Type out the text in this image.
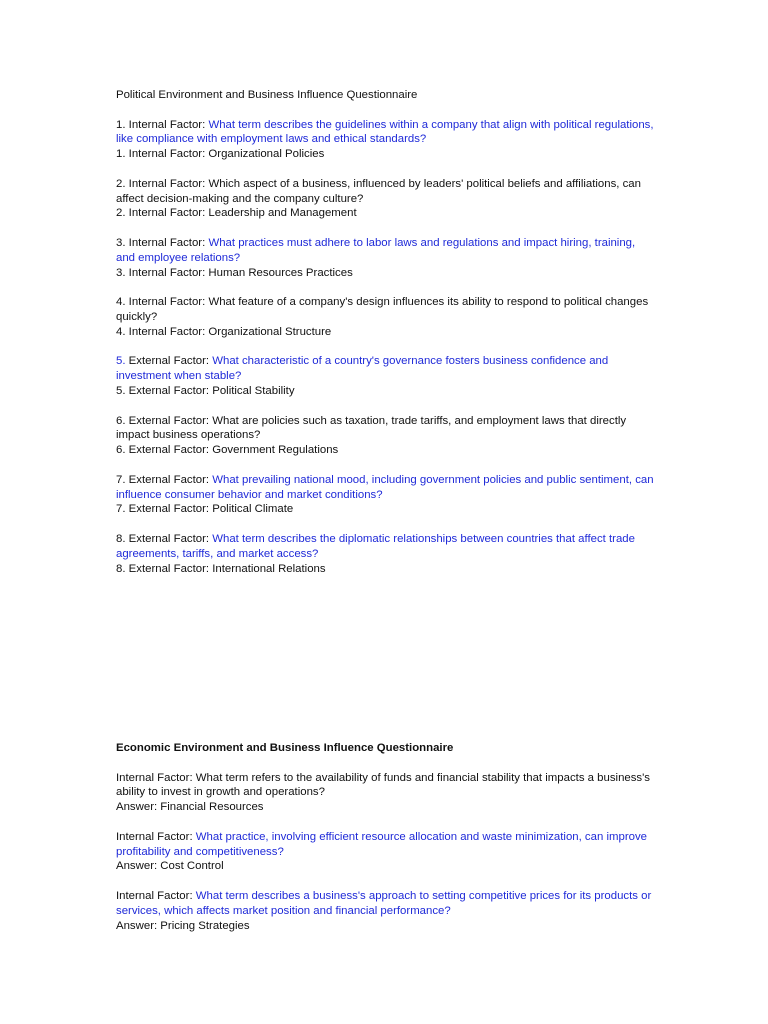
Political Environment and Business Influence Questionnaire
1. Internal Factor: What term describes the guidelines within a company that align with political regulations, like compliance with employment laws and ethical standards?
1. Internal Factor: Organizational Policies
2. Internal Factor: Which aspect of a business, influenced by leaders' political beliefs and affiliations, can affect decision-making and the company culture?
2. Internal Factor: Leadership and Management
3. Internal Factor: What practices must adhere to labor laws and regulations and impact hiring, training, and employee relations?
3. Internal Factor: Human Resources Practices
4. Internal Factor: What feature of a company's design influences its ability to respond to political changes quickly?
4. Internal Factor: Organizational Structure
5. External Factor: What characteristic of a country's governance fosters business confidence and investment when stable?
5. External Factor: Political Stability
6. External Factor: What are policies such as taxation, trade tariffs, and employment laws that directly impact business operations?
6. External Factor: Government Regulations
7. External Factor: What prevailing national mood, including government policies and public sentiment, can influence consumer behavior and market conditions?
7. External Factor: Political Climate
8. External Factor: What term describes the diplomatic relationships between countries that affect trade agreements, tariffs, and market access?
8. External Factor: International Relations
Economic Environment and Business Influence Questionnaire
Internal Factor: What term refers to the availability of funds and financial stability that impacts a business's ability to invest in growth and operations?
Answer: Financial Resources
Internal Factor: What practice, involving efficient resource allocation and waste minimization, can improve profitability and competitiveness?
Answer: Cost Control
Internal Factor: What term describes a business's approach to setting competitive prices for its products or services, which affects market position and financial performance?
Answer: Pricing Strategies
